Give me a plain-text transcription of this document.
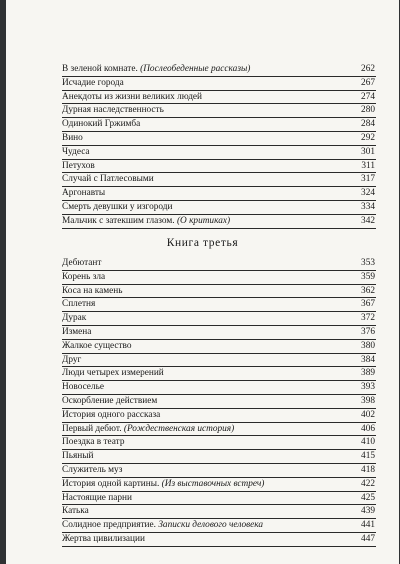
В зеленой комнате. (Послеобеденные рассказы)	262
Исчадие города	267
Анекдоты из жизни великих людей	274
Дурная наследственность	280
Одинокий Гржимба	284
Вино	292
Чудеса	301
Петухов	311
Случай с Патлесовыми	317
Аргонавты	324
Смерть девушки у изгороди	334
Мальчик с затекшим глазом. (О критиках)	342
Книга третья
Дебютант	353
Корень зла	359
Коса на камень	362
Сплетня	367
Дурак	372
Измена	376
Жалкое существо	380
Друг	384
Люди четырех измерений	389
Новоселье	393
Оскорбление действием	398
История одного рассказа	402
Первый дебют. (Рождественская история)	406
Поездка в театр	410
Пьяный	415
Служитель муз	418
История одной картины. (Из выставочных встреч)	422
Настоящие парни	425
Катька	439
Солидное предприятие. Записки делового человека	441
Жертва цивилизации	447
